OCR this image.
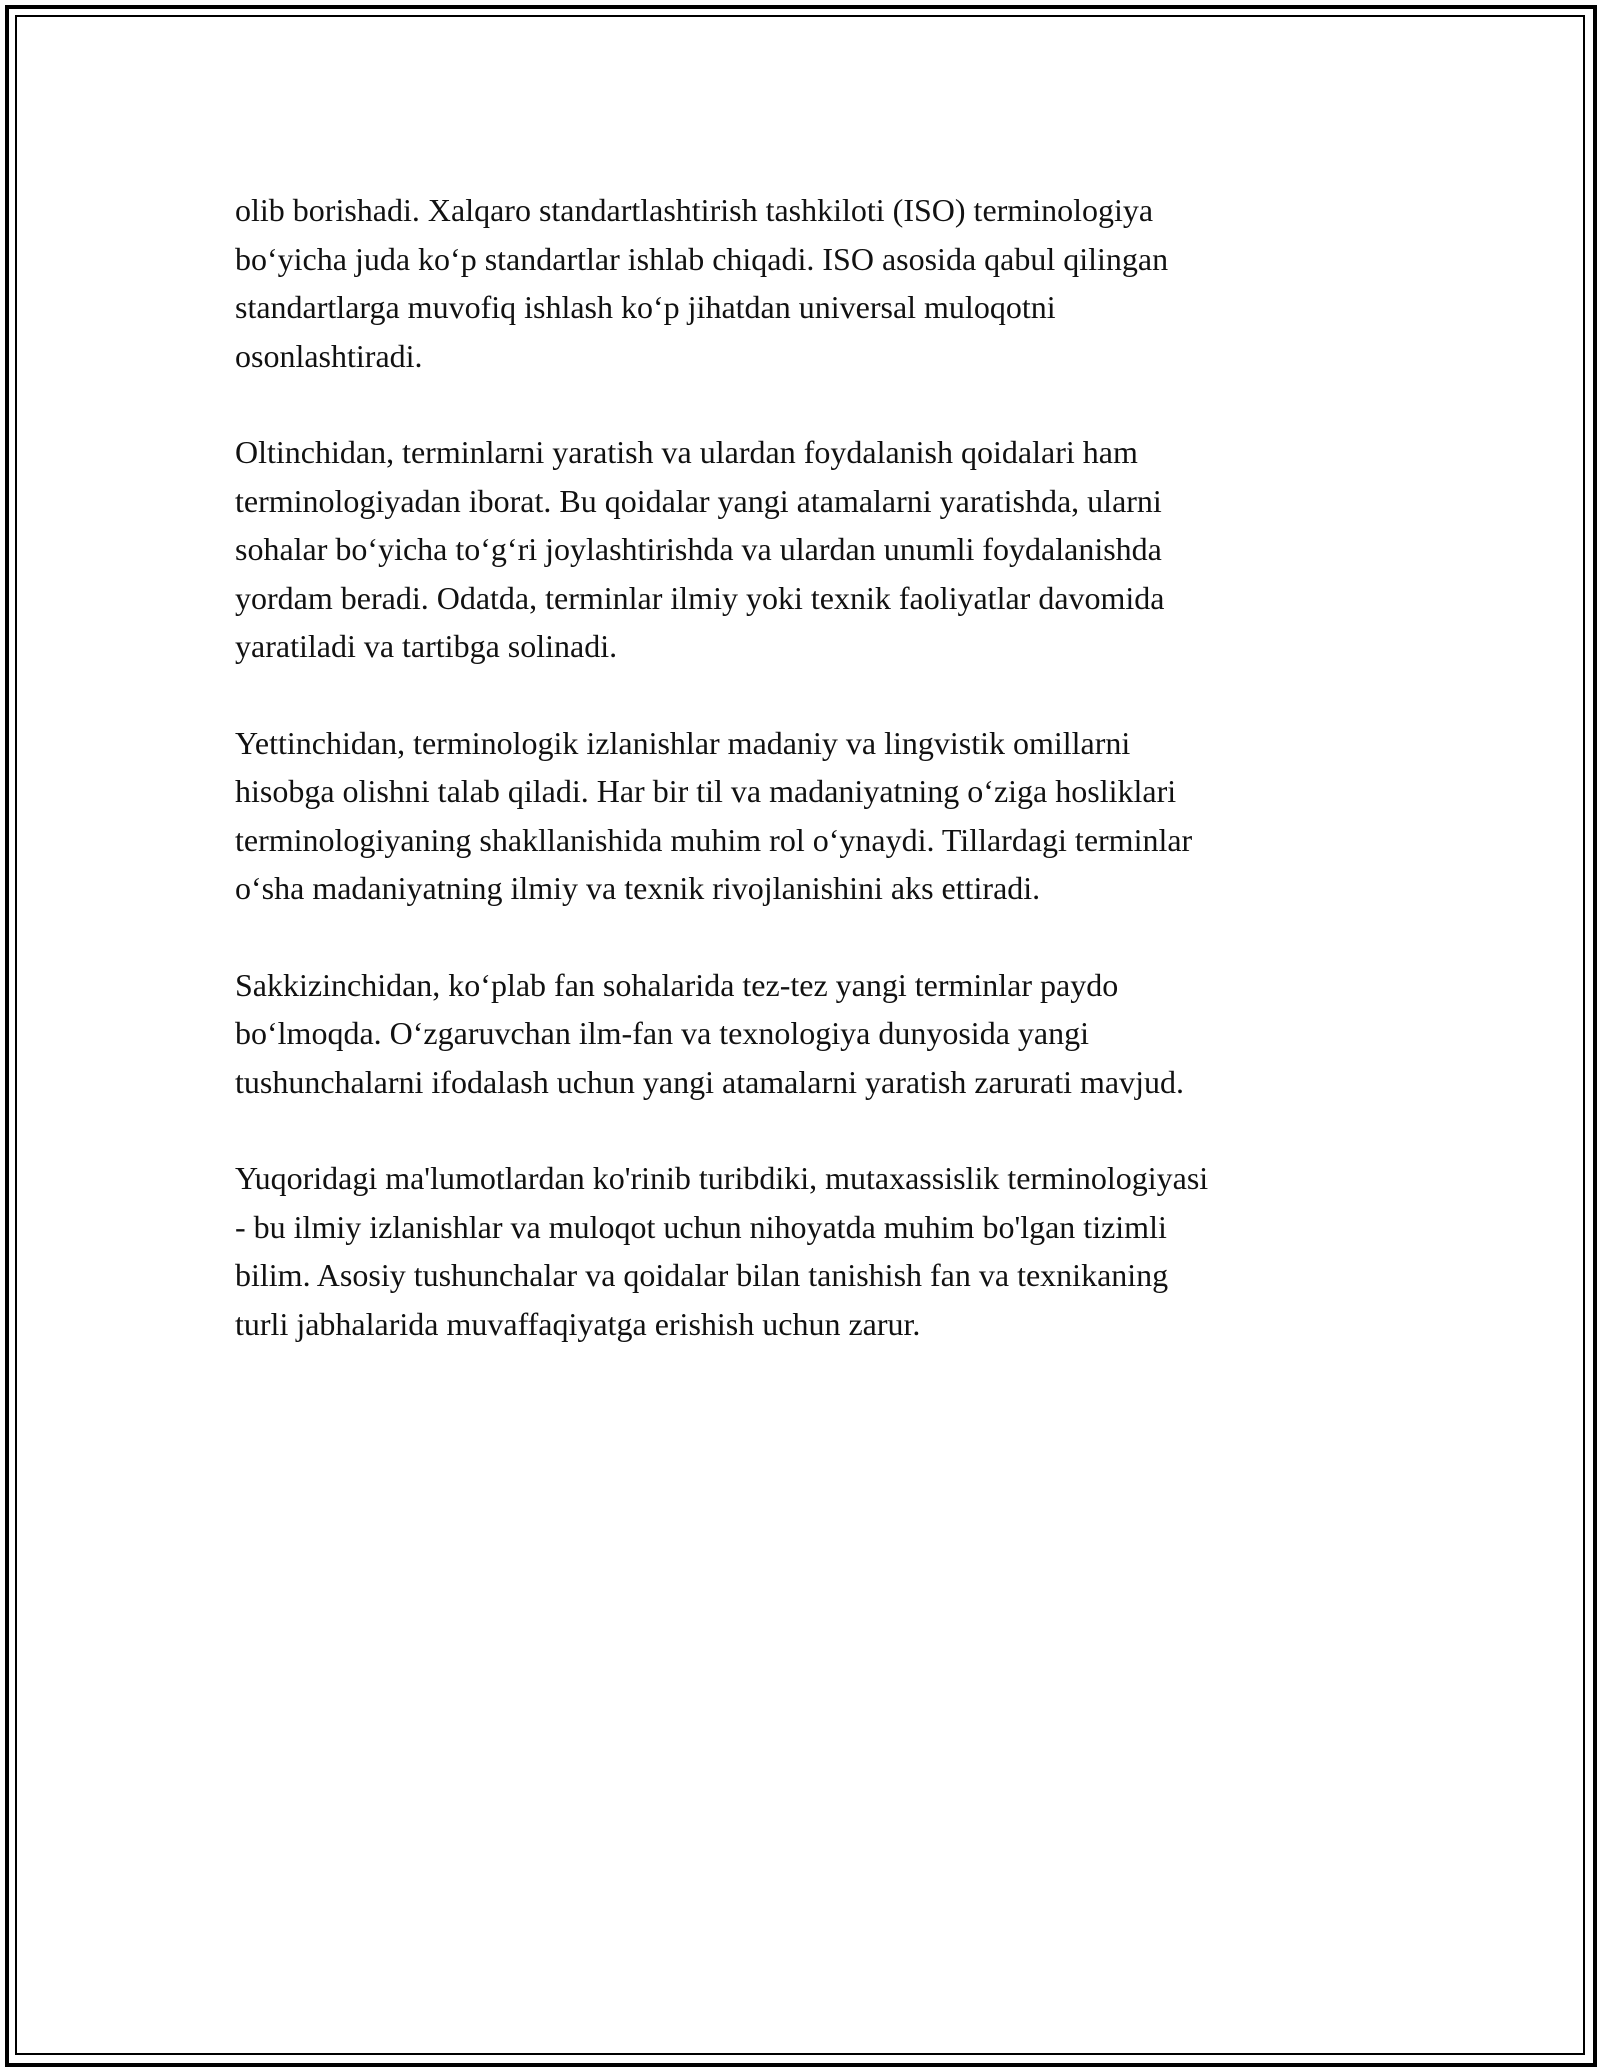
olib borishadi. Xalqaro standartlashtirish tashkiloti (ISO) terminologiya
bo‘yicha juda ko‘p standartlar ishlab chiqadi. ISO asosida qabul qilingan
standartlarga muvofiq ishlash ko‘p jihatdan universal muloqotni
osonlashtiradi.

Oltinchidan, terminlarni yaratish va ulardan foydalanish qoidalari ham
terminologiyadan iborat. Bu qoidalar yangi atamalarni yaratishda, ularni
sohalar bo‘yicha to‘g‘ri joylashtirishda va ulardan unumli foydalanishda
yordam beradi. Odatda, terminlar ilmiy yoki texnik faoliyatlar davomida
yaratiladi va tartibga solinadi.

Yettinchidan, terminologik izlanishlar madaniy va lingvistik omillarni
hisobga olishni talab qiladi. Har bir til va madaniyatning o‘ziga hosliklari
terminologiyaning shakllanishida muhim rol o‘ynaydi. Tillardagi terminlar
o‘sha madaniyatning ilmiy va texnik rivojlanishini aks ettiradi.

Sakkizinchidan, ko‘plab fan sohalarida tez-tez yangi terminlar paydo
bo‘lmoqda. O‘zgaruvchan ilm-fan va texnologiya dunyosida yangi
tushunchalarni ifodalash uchun yangi atamalarni yaratish zarurati mavjud.

Yuqoridagi ma'lumotlardan ko'rinib turibdiki, mutaxassislik terminologiyasi
- bu ilmiy izlanishlar va muloqot uchun nihoyatda muhim bo'lgan tizimli
bilim. Asosiy tushunchalar va qoidalar bilan tanishish fan va texnikaning
turli jabhalarida muvaffaqiyatga erishish uchun zarur.
